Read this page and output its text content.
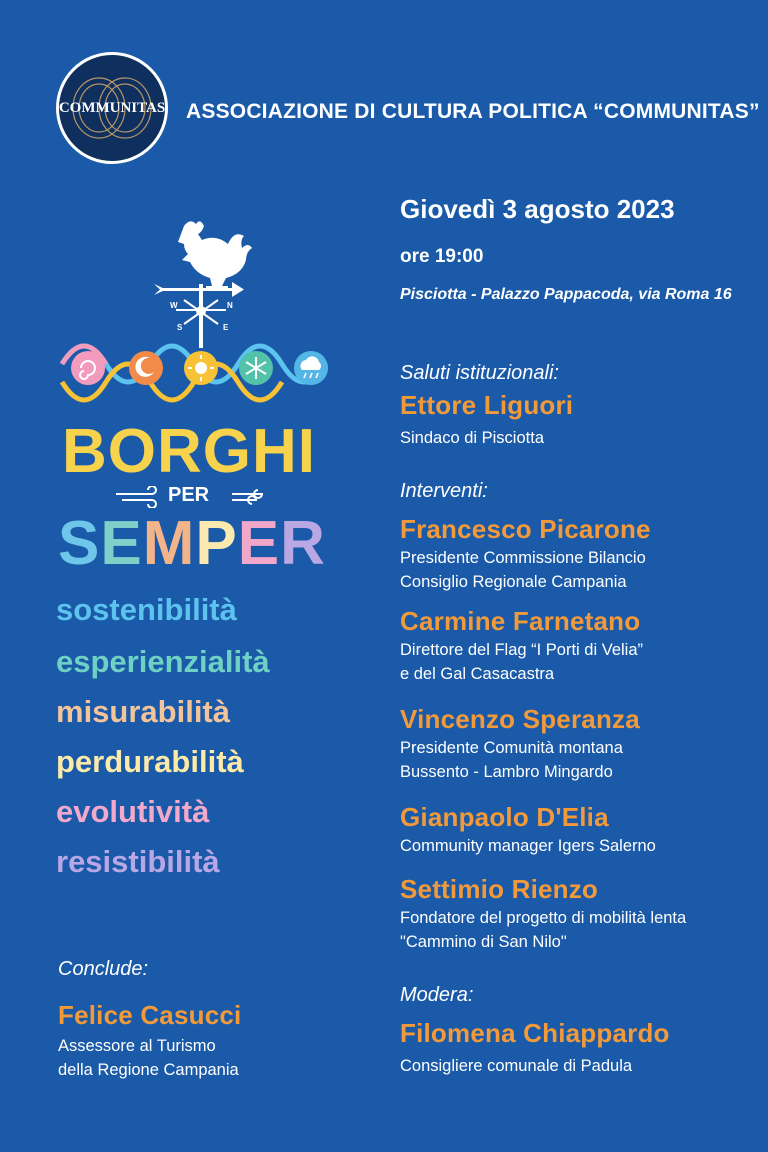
COMMUNITAS ASSOCIAZIONE DI CULTURA POLITICA “COMMUNITAS”
Giovedì 3 agosto 2023
ore 19:00
Pisciotta - Palazzo Pappacoda, via Roma 16
W	N
S	E
BORGHI
PER
SEMPER
sostenibilità
esperienzialità
misurabilità
perdurabilità
evolutività
resistibilità
Conclude:
Felice Casucci
Assessore al Turismo
della Regione Campania
Saluti istituzionali:
Ettore Liguori
Sindaco di Pisciotta
Interventi:
Francesco Picarone
Presidente Commissione Bilancio
Consiglio Regionale Campania
Carmine Farnetano
Direttore del Flag “I Porti di Velia”
e del Gal Casacastra
Vincenzo Speranza
Presidente Comunità montana
Bussento - Lambro Mingardo
Gianpaolo D'Elia
Community manager Igers Salerno
Settimio Rienzo
Fondatore del progetto di mobilità lenta
"Cammino di San Nilo"
Modera:
Filomena Chiappardo
Consigliere comunale di Padula
